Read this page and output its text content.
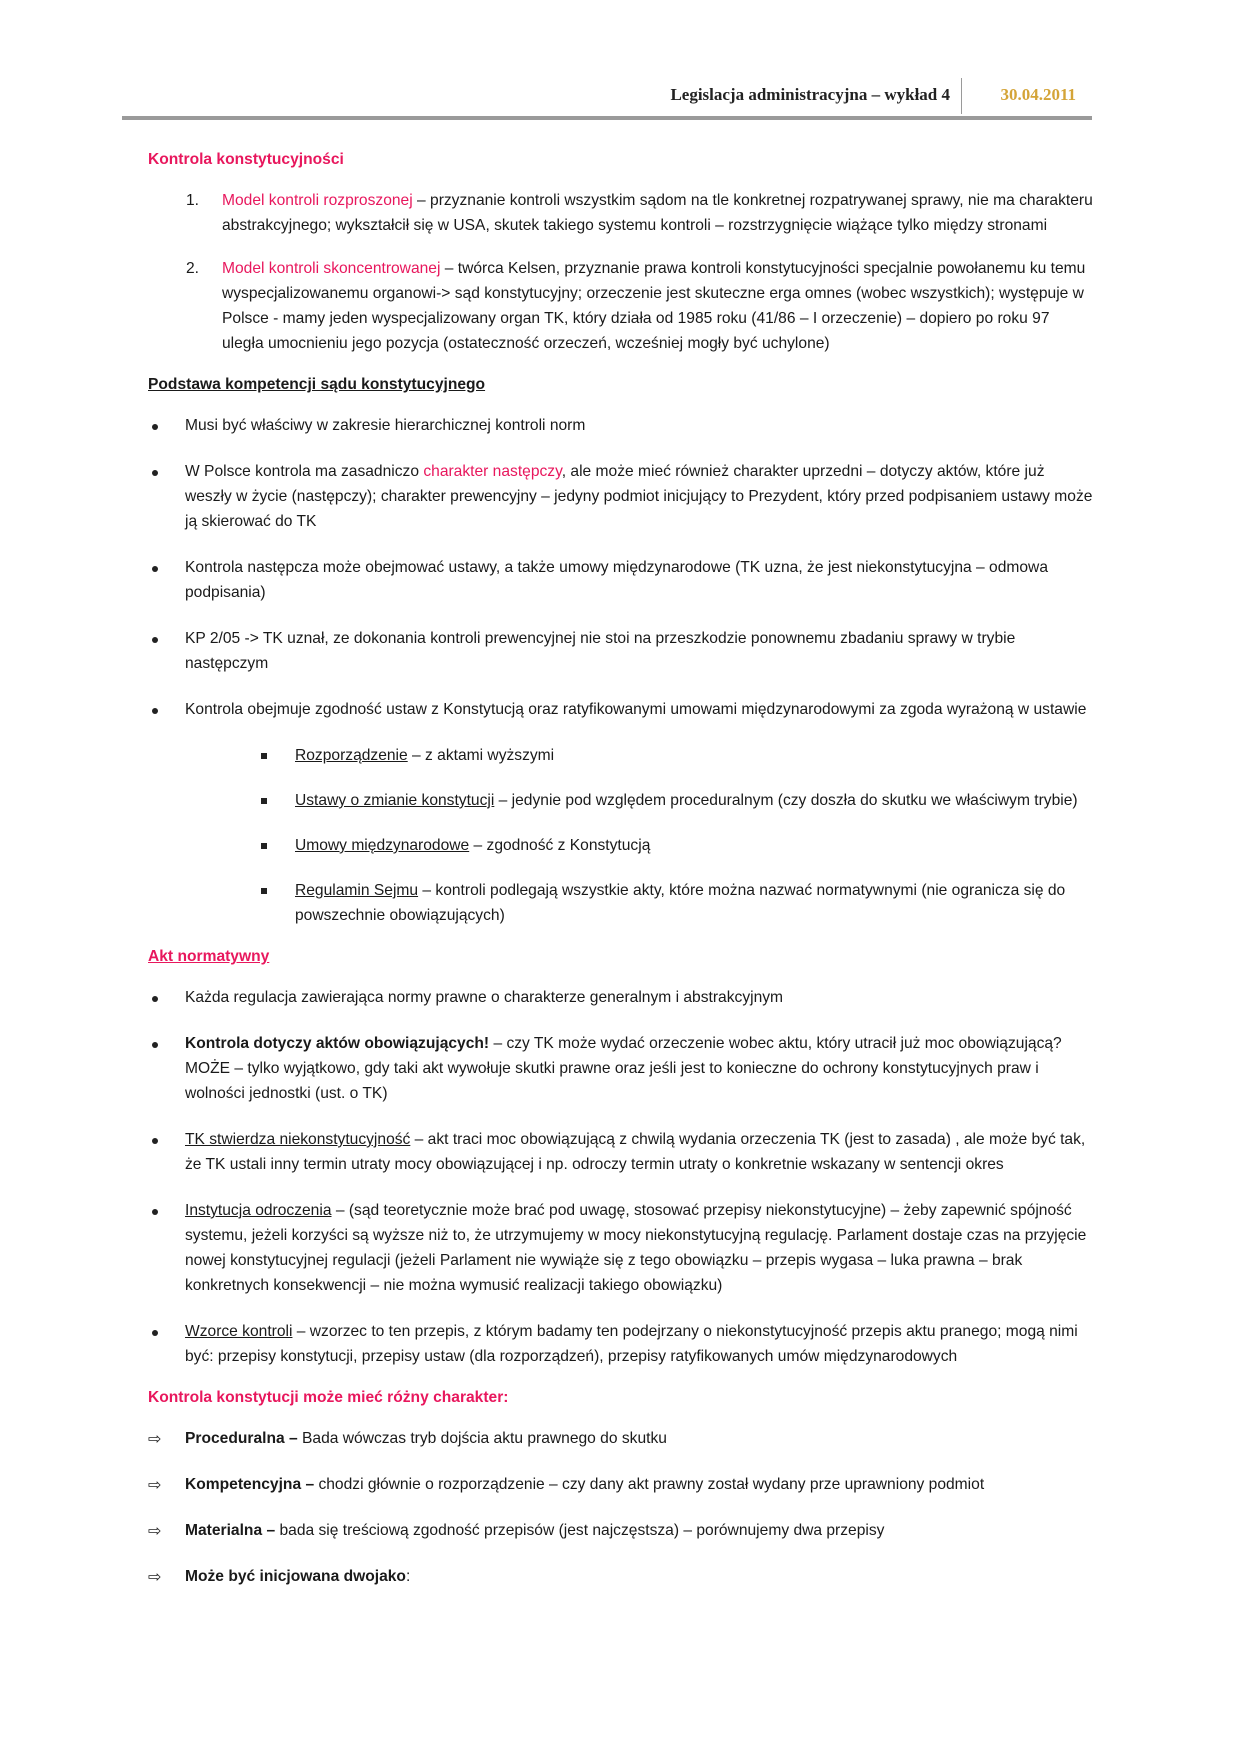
Legislacja administracyjna – wykład 4	30.04.2011
Kontrola konstytucyjności
1. Model kontroli rozproszonej – przyznanie kontroli wszystkim sądom na tle konkretnej rozpatrywanej sprawy, nie ma charakteru abstrakcyjnego; wykształcił się w USA, skutek takiego systemu kontroli – rozstrzygnięcie wiążące tylko między stronami
2. Model kontroli skoncentrowanej – twórca Kelsen, przyznanie prawa kontroli konstytucyjności specjalnie powołanemu ku temu wyspecjalizowanemu organowi-> sąd konstytucyjny; orzeczenie jest skuteczne erga omnes (wobec wszystkich); występuje w Polsce - mamy jeden wyspecjalizowany organ TK, który działa od 1985 roku (41/86 – I orzeczenie) – dopiero po roku 97 uległa umocnieniu jego pozycja (ostateczność orzeczeń, wcześniej mogły być uchylone)
Podstawa kompetencji sądu konstytucyjnego
Musi być właściwy w zakresie hierarchicznej kontroli norm
W Polsce kontrola ma zasadniczo charakter następczy, ale może mieć również charakter uprzedni – dotyczy aktów, które już weszły w życie (następczy); charakter prewencyjny – jedyny podmiot inicjujący to Prezydent, który przed podpisaniem ustawy może ją skierować do TK
Kontrola następcza może obejmować ustawy, a także umowy międzynarodowe (TK uzna, że jest niekonstytucyjna – odmowa podpisania)
KP 2/05 -> TK uznał, ze dokonania kontroli prewencyjnej nie stoi na przeszkodzie ponownemu zbadaniu sprawy w trybie następczym
Kontrola obejmuje zgodność ustaw z Konstytucją oraz ratyfikowanymi umowami międzynarodowymi za zgoda wyrażoną w ustawie
Rozporządzenie – z aktami wyższymi
Ustawy o zmianie konstytucji – jedynie pod względem proceduralnym (czy doszła do skutku we właściwym trybie)
Umowy międzynarodowe – zgodność z Konstytucją
Regulamin Sejmu – kontroli podlegają wszystkie akty, które można nazwać normatywnymi (nie ogranicza się do powszechnie obowiązujących)
Akt normatywny
Każda regulacja zawierająca normy prawne o charakterze generalnym i abstrakcyjnym
Kontrola dotyczy aktów obowiązujących! – czy TK może wydać orzeczenie wobec aktu, który utracił już moc obowiązującą? MOŻE – tylko wyjątkowo, gdy taki akt wywołuje skutki prawne oraz jeśli jest to konieczne do ochrony konstytucyjnych praw i wolności jednostki (ust. o TK)
TK stwierdza niekonstytucyjność – akt traci moc obowiązującą z chwilą wydania orzeczenia TK (jest to zasada) , ale może być tak, że TK ustali inny termin utraty mocy obowiązującej i np. odroczy termin utraty o konkretnie wskazany w sentencji okres
Instytucja odroczenia – (sąd teoretycznie może brać pod uwagę, stosować przepisy niekonstytucyjne) – żeby zapewnić spójność systemu, jeżeli korzyści są wyższe niż to, że utrzymujemy w mocy niekonstytucyjną regulację. Parlament dostaje czas na przyjęcie nowej konstytucyjnej regulacji (jeżeli Parlament nie wywiąże się z tego obowiązku – przepis wygasa – luka prawna – brak konkretnych konsekwencji – nie można wymusić realizacji takiego obowiązku)
Wzorce kontroli – wzorzec to ten przepis, z którym badamy ten podejrzany o niekonstytucyjność przepis aktu pranego; mogą nimi być: przepisy konstytucji, przepisy ustaw (dla rozporządzeń), przepisy ratyfikowanych umów międzynarodowych
Kontrola konstytucji może mieć różny charakter:
⇨ Proceduralna – Bada wówczas tryb dojścia aktu prawnego do skutku
⇨ Kompetencyjna – chodzi głównie o rozporządzenie – czy dany akt prawny został wydany prze uprawniony podmiot
⇨ Materialna – bada się treściową zgodność przepisów (jest najczęstsza) – porównujemy dwa przepisy
⇨ Może być inicjowana dwojako:
